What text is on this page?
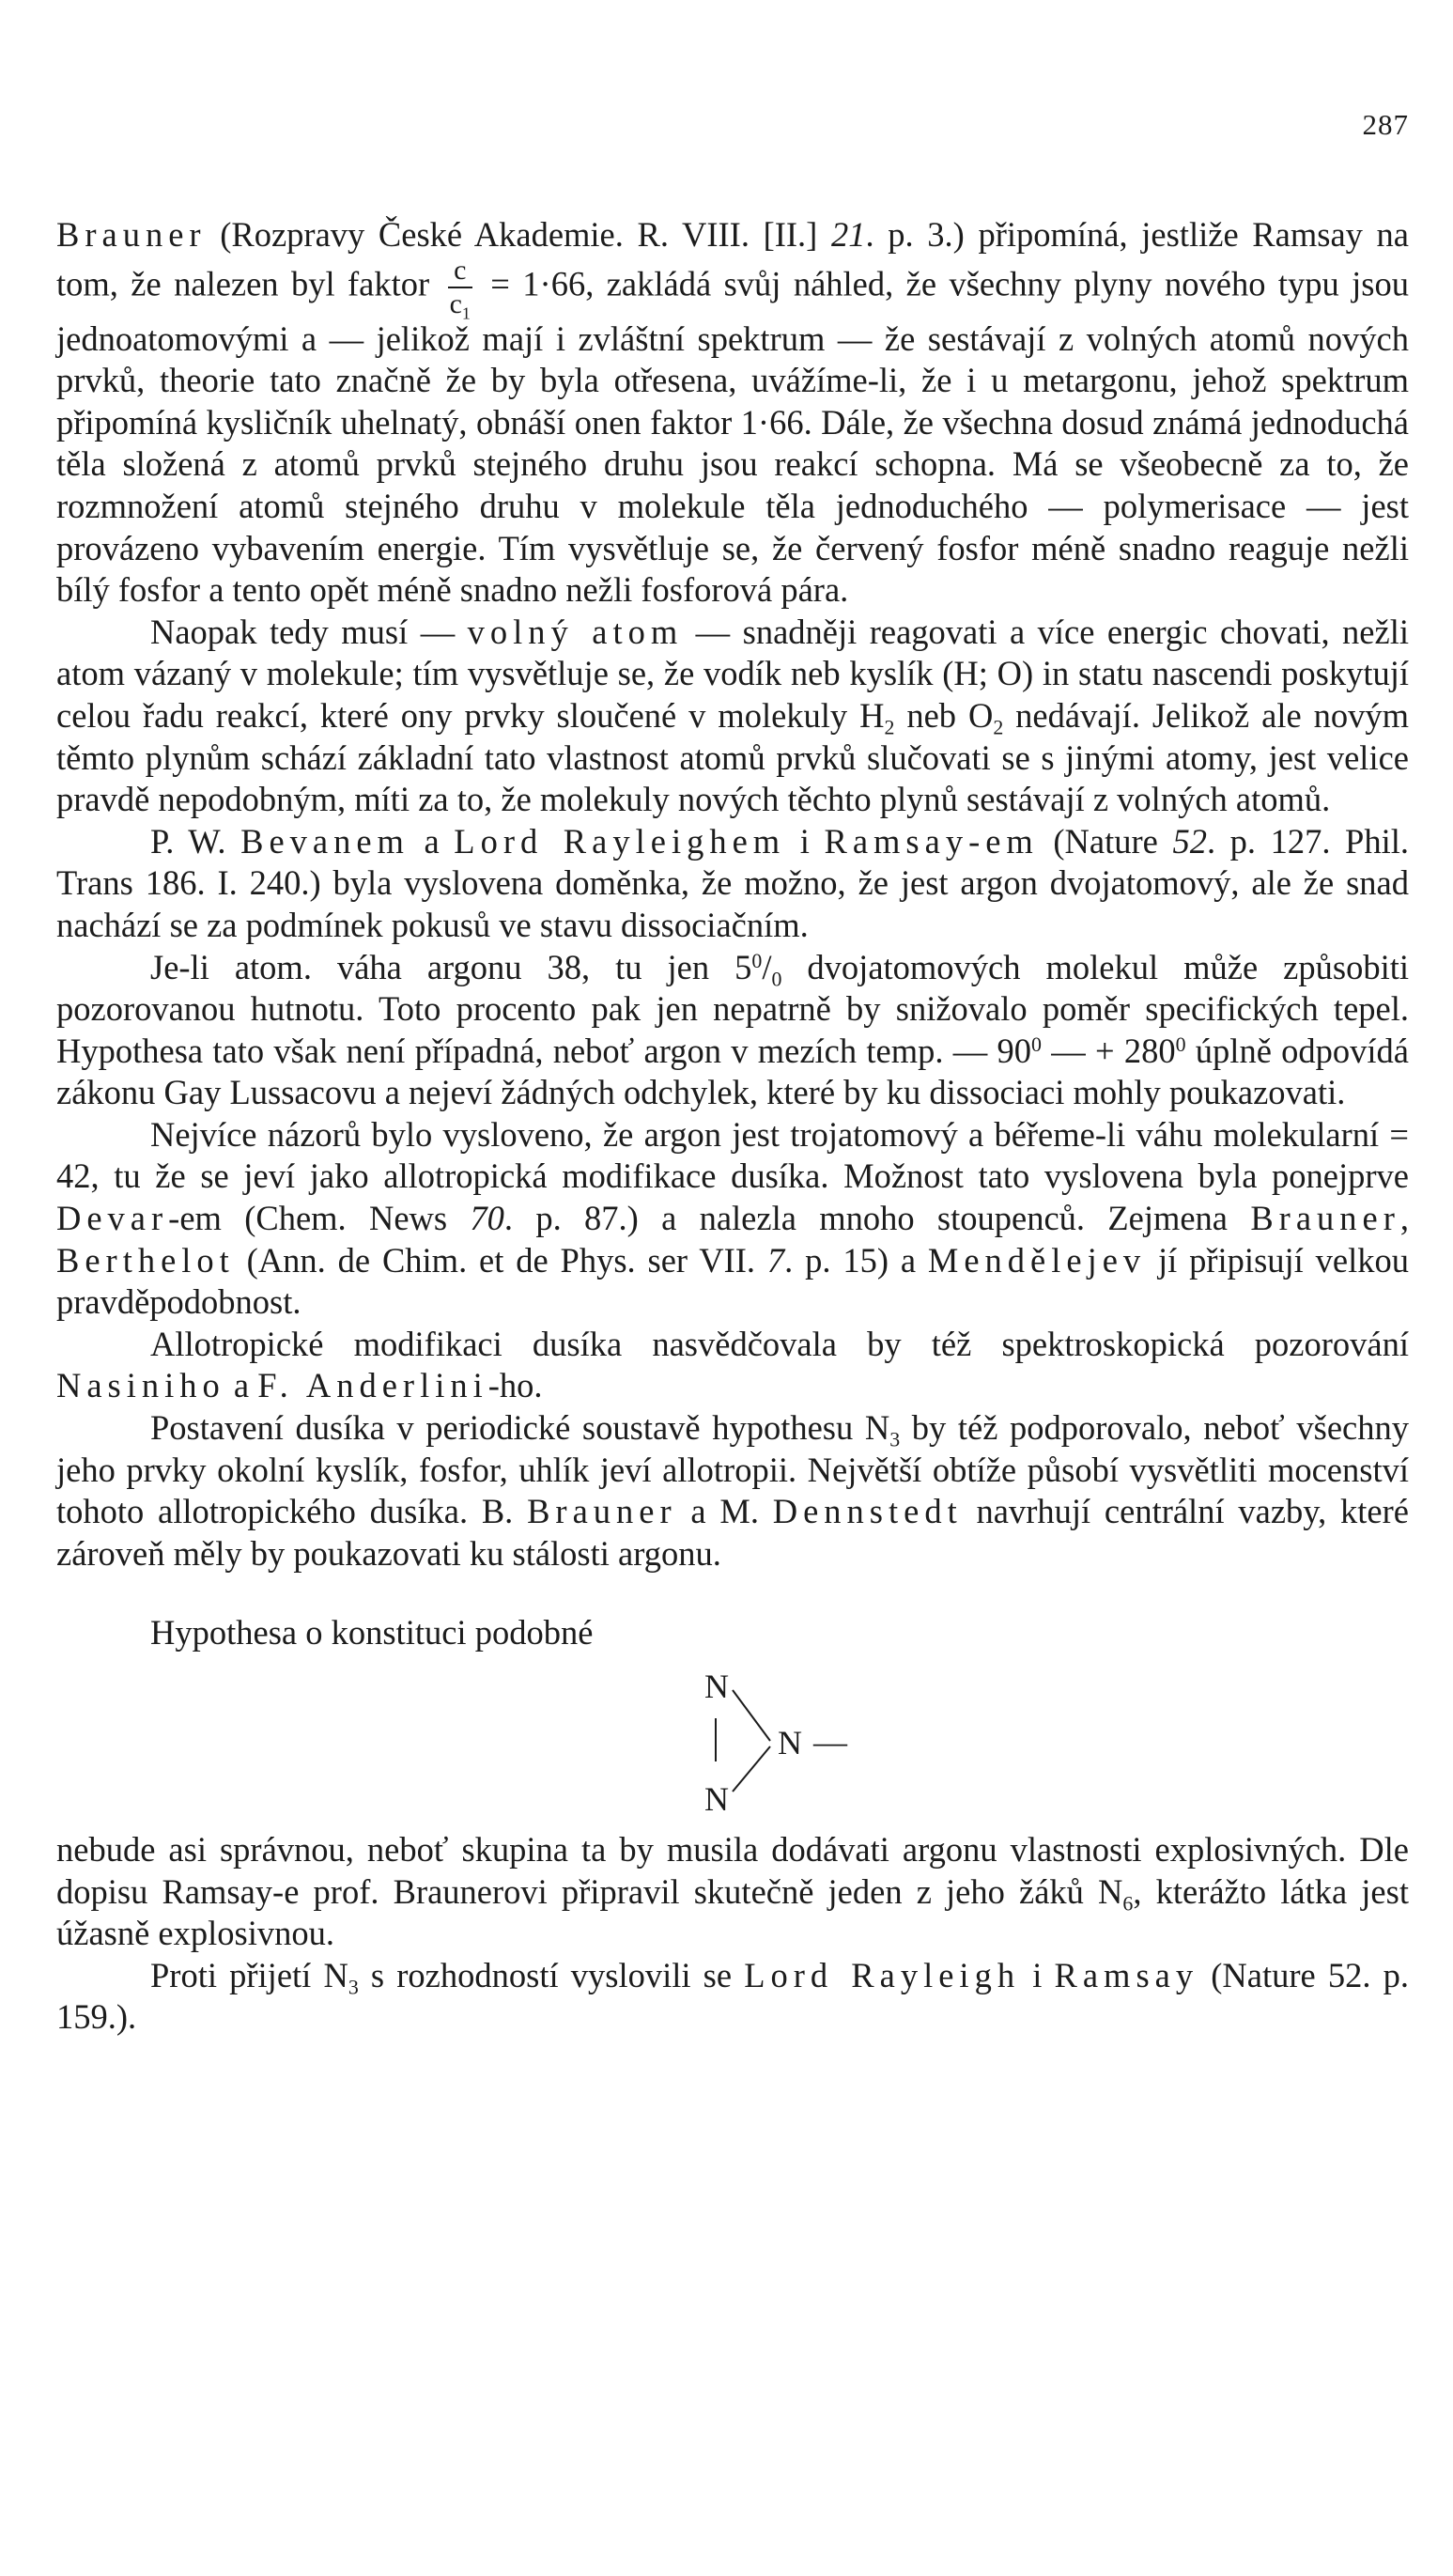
287

Brauner (Rozpravy České Akademie. R. VIII. [II.] 21. p. 3.) připomíná, jestliže Ramsay na tom, že nalezen byl faktor $\frac{c}{c_1} = 1\cdot 66$, zakládá svůj náhled, že všechny plyny nového typu jsou jednoatomovými a — jelikož mají i zvláštní spektrum — že sestávají z volných atomů nových prvků, theorie tato značně že by byla otřesena, uvážíme-li, že i u metargonu, jehož spektrum připomíná kysličník uhelnatý, obnáší onen faktor 1·66. Dále, že všechna dosud známá jednoduchá těla složená z atomů prvků stejného druhu jsou reakcí schopna. Má se všeobecně za to, že rozmnožení atomů stejného druhu v molekule těla jednoduchého — polymerisace — jest provázeno vybavením energie. Tím vysvětluje se, že červený fosfor méně snadno reaguje nežli bílý fosfor a tento opět méně snadno nežli fosforová pára.

Naopak tedy musí — volný atom — snadněji reagovati a více energic chovati, nežli atom vázaný v molekule; tím vysvětluje se, že vodík neb kyslík (H; O) in statu nascendi poskytují celou řadu reakcí, které ony prvky sloučené v molekuly $H_2$ neb $O_2$ nedávají. Jelikož ale novým těmto plynům schází základní tato vlastnost atomů prvků slučovati se s jinými atomy, jest velice pravdě nepodobným, míti za to, že molekuly nových těchto plynů sestávají z volných atomů.

P. W. Bevanem a Lord Rayleighem i Ramsay-em (Nature 52. p. 127. Phil. Trans 186. I. 240.) byla vyslovena doměnka, že možno, že jest argon dvojatomový, ale že snad nachází se za podmínek pokusů ve stavu dissociačním.

Je-li atom. váha argonu 38, tu jen $5^0/_0$ dvojatomových molekul může způsobiti pozorovanou hutnotu. Toto procento pak jen nepatrně by snižovalo poměr specifických tepel. Hypothesa tato však není případná, neboť argon v mezích temp. — $90^0$ — + $280^0$ úplně odpovídá zákonu Gay Lussacovu a nejeví žádných odchylek, které by ku dissociaci mohly poukazovati.

Nejvíce názorů bylo vysloveno, že argon jest trojatomový a béřeme-li váhu molekularní = 42, tu že se jeví jako allotropická modifikace dusíka. Možnost tato vyslovena byla ponejprve Devar-em (Chem. News 70. p. 87.) a nalezla mnoho stoupenců. Zejmena Brauner, Berthelot (Ann. de Chim. et de Phys. ser VII. 7. p. 15) a Mendělejev jí připisují velkou pravděpodobnost.

Allotropické modifikaci dusíka nasvědčovala by též spektroskopická pozorování Nasiniho a F. Anderlini-ho.

Postavení dusíka v periodické soustavě hypothesu $N_3$ by též podporovalo, neboť všechny jeho prvky okolní kyslík, fosfor, uhlík jeví allotropii. Největší obtíže působí vysvětliti mocenství tohoto allotropického dusíka. B. Brauner a M. Dennstedt navrhují centrální vazby, které zároveň měly by poukazovati ku stálosti argonu.

Hypothesa o konstituci podobné

N
N
N —

nebude asi správnou, neboť skupina ta by musila dodávati argonu vlastnosti explosivných. Dle dopisu Ramsay-e prof. Braunerovi připravil skutečně jeden z jeho žáků $N_6$, kterážto látka jest úžasně explosivnou.

Proti přijetí $N_3$ s rozhodností vyslovili se Lord Rayleigh i Ramsay (Nature 52. p. 159.).
